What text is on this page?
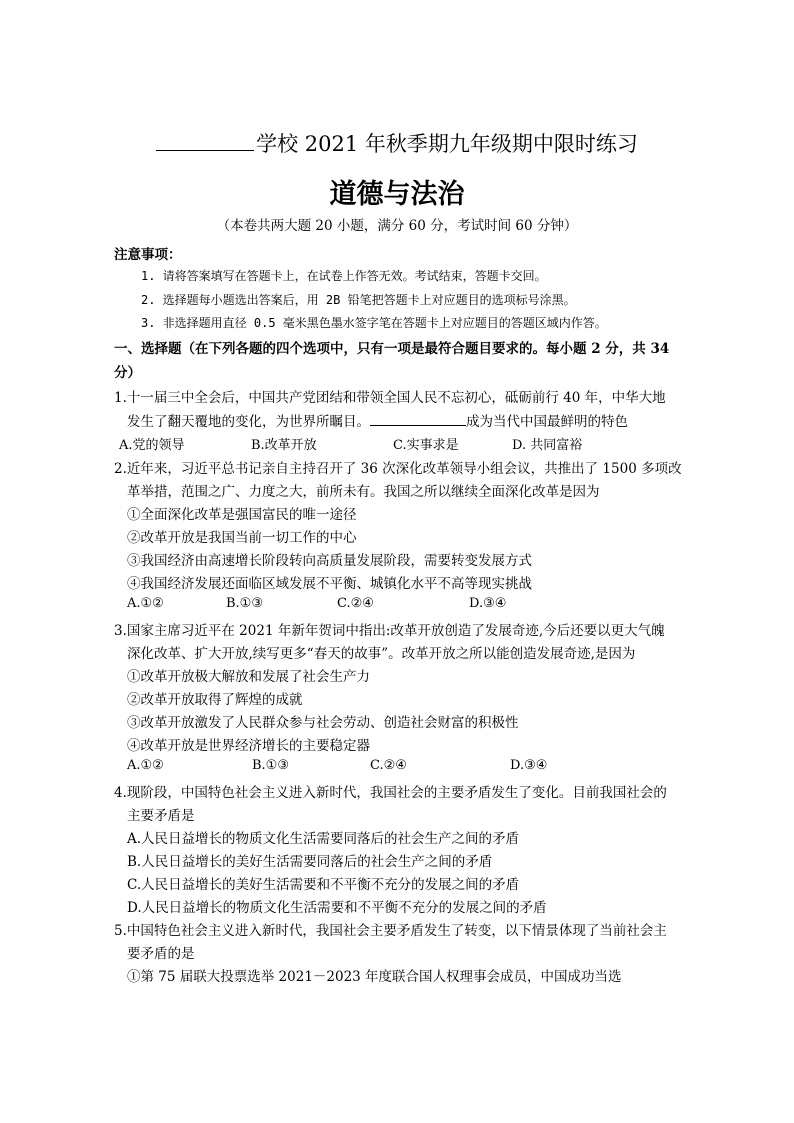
学校 2021 年秋季期九年级期中限时练习
道德与法治
（本卷共两大题 20 小题，满分 60 分，考试时间 60 分钟）
注意事项：
1. 请将答案填写在答题卡上，在试卷上作答无效。考试结束，答题卡交回。
2. 选择题每小题选出答案后，用 2B 铅笔把答题卡上对应题目的选项标号涂黑。
3. 非选择题用直径 0.5 毫米黑色墨水签字笔在答题卡上对应题目的答题区域内作答。
一、选择题（在下列各题的四个选项中，只有一项是最符合题目要求的。每小题 2 分，共 34
分）
1.十一届三中全会后，中国共产党团结和带领全国人民不忘初心，砥砺前行 40 年，中华大地
发生了翻天覆地的变化，为世界所瞩目。	成为当代中国最鲜明的特色
A.党的领导	B.改革开放	C.实事求是	D. 共同富裕
2.近年来，习近平总书记亲自主持召开了 36 次深化改革领导小组会议，共推出了 1500 多项改
革举措，范围之广、力度之大，前所未有。我国之所以继续全面深化改革是因为
①全面深化改革是强国富民的唯一途径
②改革开放是我国当前一切工作的中心
③我国经济由高速增长阶段转向高质量发展阶段，需要转变发展方式
④我国经济发展还面临区域发展不平衡、城镇化水平不高等现实挑战
A.①②	B.①③	C.②④	D.③④
3.国家主席习近平在 2021 年新年贺词中指出:改革开放创造了发展奇迹,今后还要以更大气魄
深化改革、扩大开放,续写更多“春天的故事”。改革开放之所以能创造发展奇迹,是因为
①改革开放极大解放和发展了社会生产力
②改革开放取得了辉煌的成就
③改革开放激发了人民群众参与社会劳动、创造社会财富的积极性
④改革开放是世界经济增长的主要稳定器
A.①②	B.①③	C.②④	D.③④
4.现阶段，中国特色社会主义进入新时代，我国社会的主要矛盾发生了变化。目前我国社会的
主要矛盾是
A.人民日益增长的物质文化生活需要同落后的社会生产之间的矛盾
B.人民日益增长的美好生活需要同落后的社会生产之间的矛盾
C.人民日益增长的美好生活需要和不平衡不充分的发展之间的矛盾
D.人民日益增长的物质文化生活需要和不平衡不充分的发展之间的矛盾
5.中国特色社会主义进入新时代，我国社会主要矛盾发生了转变，以下情景体现了当前社会主
要矛盾的是
①第 75 届联大投票选举 2021－2023 年度联合国人权理事会成员，中国成功当选
